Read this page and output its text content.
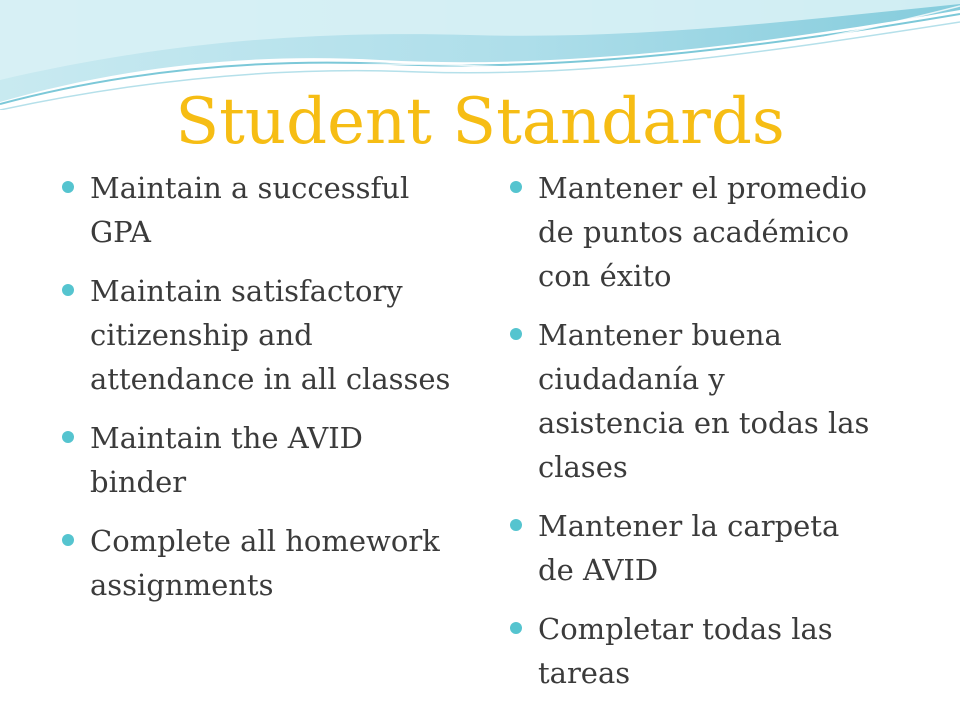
Student Standards
Maintain a successful GPA
Maintain satisfactory citizenship and attendance in all classes
Maintain the AVID binder
Complete all homework assignments
Mantener el promedio de puntos académico con éxito
Mantener buena ciudadanía y asistencia en todas las clases
Mantener la carpeta de AVID
Completar todas las tareas
